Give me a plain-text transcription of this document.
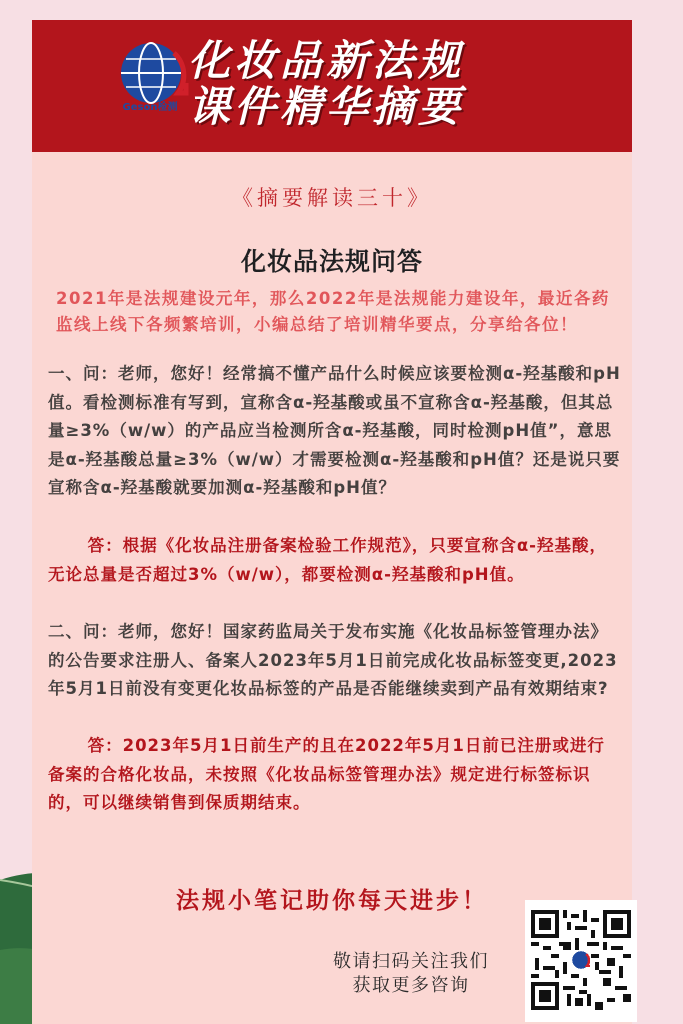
Geson检测
化妆品新法规
课件精华摘要
《摘要解读三十》
化妆品法规问答
2021年是法规建设元年，那么2022年是法规能力建设年，最近各药监线上线下各频繁培训，小编总结了培训精华要点，分享给各位！
一、问：老师，您好！经常搞不懂产品什么时候应该要检测α-羟基酸和pH值。看检测标准有写到，宣称含α-羟基酸或虽不宣称含α-羟基酸，但其总量≥3%（w/w）的产品应当检测所含α-羟基酸，同时检测pH值”，意思是α-羟基酸总量≥3%（w/w）才需要检测α-羟基酸和pH值？还是说只要宣称含α-羟基酸就要加测α-羟基酸和pH值？
答：根据《化妆品注册备案检验工作规范》，只要宣称含α-羟基酸，无论总量是否超过3%（w/w），都要检测α-羟基酸和pH值。
二、问：老师，您好！国家药监局关于发布实施《化妆品标签管理办法》的公告要求注册人、备案人2023年5月1日前完成化妆品标签变更,2023年5月1日前没有变更化妆品标签的产品是否能继续卖到产品有效期结束?
答：2023年5月1日前生产的且在2022年5月1日前已注册或进行备案的合格化妆品，未按照《化妆品标签管理办法》规定进行标签标识的，可以继续销售到保质期结束。
法规小笔记助你每天进步！
敬请扫码关注我们
获取更多咨询
